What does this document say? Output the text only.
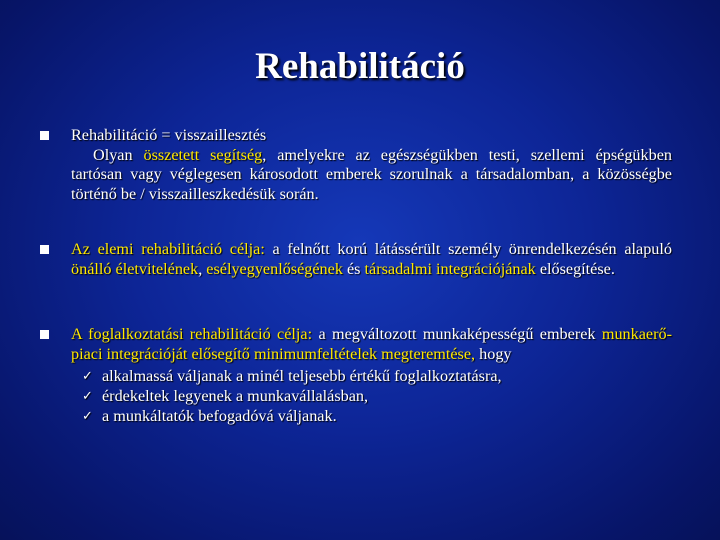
Rehabilitáció
Rehabilitáció = visszaillesztés
Olyan összetett segítség, amelyekre az egészségükben testi, szellemi épségükben tartósan vagy véglegesen károsodott emberek szorulnak a társadalomban, a közösségbe történő be / visszailleszkedésük során.
Az elemi rehabilitáció célja: a felnőtt korú látássérült személy önrendelkezésén alapuló önálló életvitelének, esélyegyenlőségének és társadalmi integrációjának elősegítése.
A foglalkoztatási rehabilitáció célja: a megváltozott munkaképességű emberek munkaerő-piaci integrációját elősegítő minimumfeltételek megteremtése, hogy
✓ alkalmassá váljanak a minél teljesebb értékű foglalkoztatásra,
✓ érdekeltek legyenek a munkavállalásban,
✓ a munkáltatók befogadóvá váljanak.
